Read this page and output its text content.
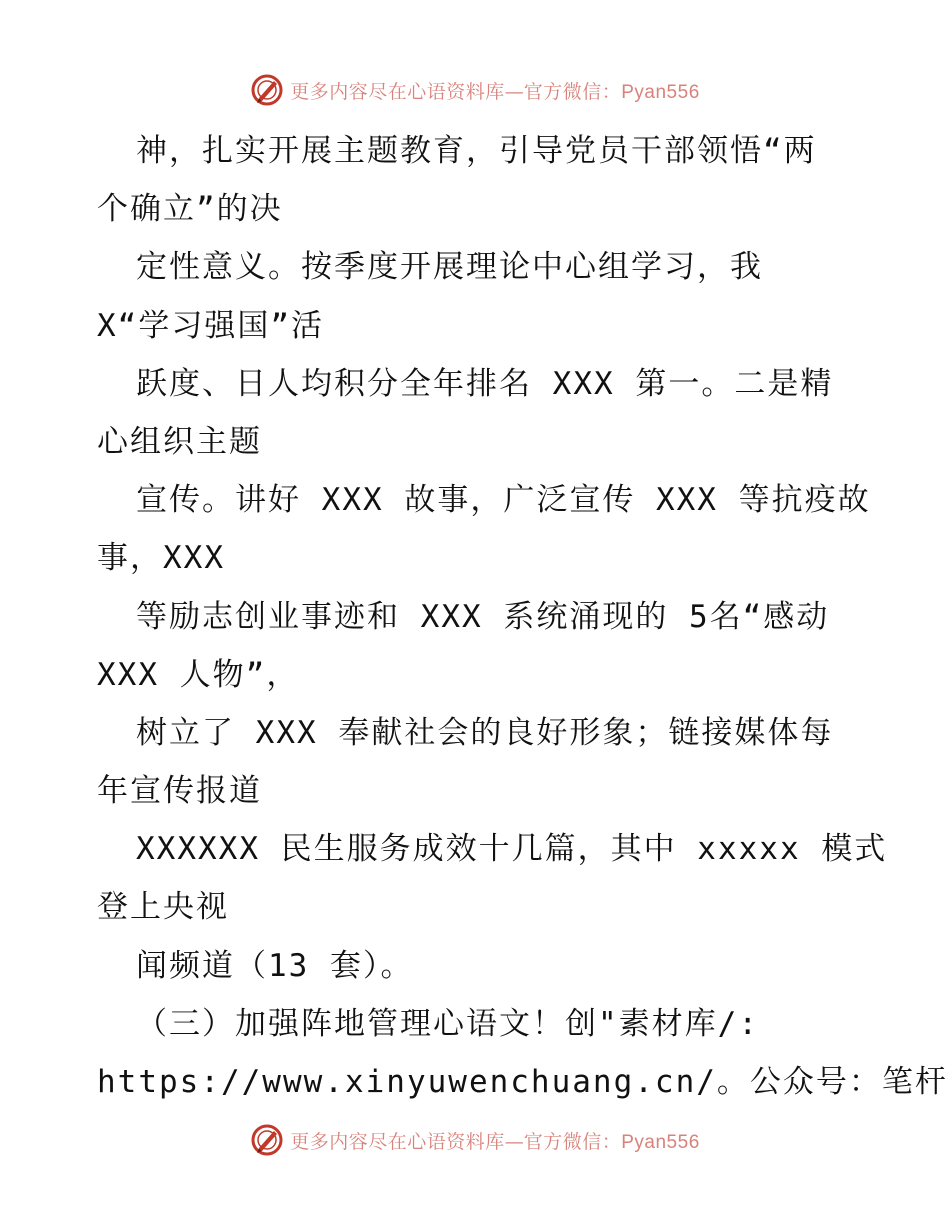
更多内容尽在心语资料库—官方微信：Pyan556
神，扎实开展主题教育，引导党员干部领悟“两
个确立”的决
定性意义。按季度开展理论中心组学习，我
X“学习强国”活
跃度、日人均积分全年排名 XXX 第一。二是精
心组织主题
宣传。讲好 XXX 故事，广泛宣传 XXX 等抗疫故
事，XXX
等励志创业事迹和 XXX 系统涌现的 5名“感动
XXX 人物”，
树立了 XXX 奉献社会的良好形象；链接媒体每
年宣传报道
XXXXXX 民生服务成效十几篇，其中 xxxxx 模式
登上央视
闻频道（13 套）。
（三）加强阵地管理心语文！创"素材库/:
https://www.xinyuwenchuang.cn/。公众号：笔杆
更多内容尽在心语资料库—官方微信：Pyan556
